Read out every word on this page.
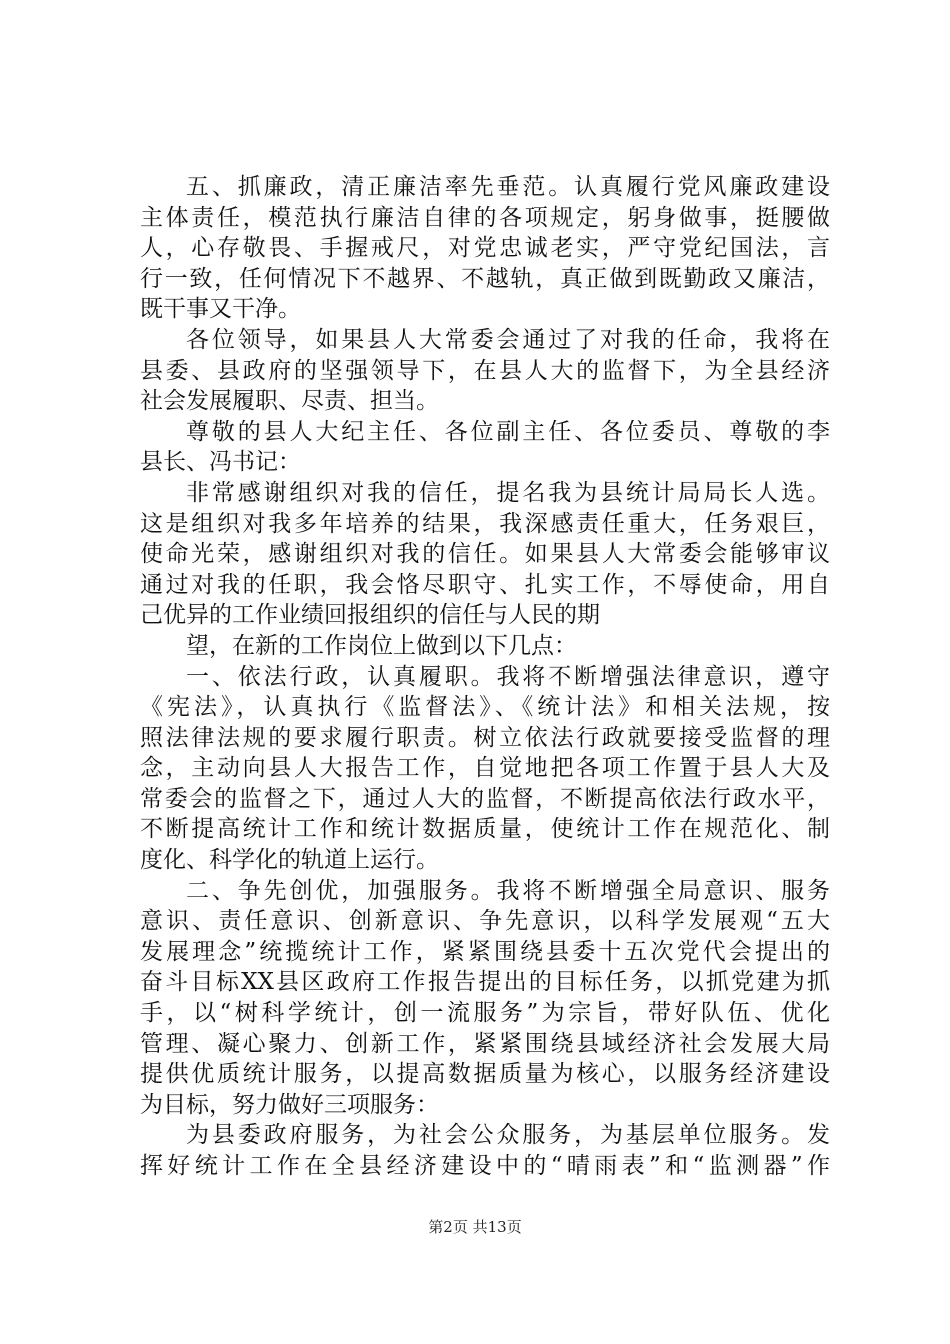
五、抓廉政，清正廉洁率先垂范。认真履行党风廉政建设
主体责任，模范执行廉洁自律的各项规定，躬身做事，挺腰做
人，心存敬畏、手握戒尺，对党忠诚老实，严守党纪国法，言
行一致，任何情况下不越界、不越轨，真正做到既勤政又廉洁，
既干事又干净。
各位领导，如果县人大常委会通过了对我的任命，我将在
县委、县政府的坚强领导下，在县人大的监督下，为全县经济
社会发展履职、尽责、担当。
尊敬的县人大纪主任、各位副主任、各位委员、尊敬的李
县长、冯书记：
非常感谢组织对我的信任，提名我为县统计局局长人选。
这是组织对我多年培养的结果，我深感责任重大，任务艰巨，
使命光荣，感谢组织对我的信任。如果县人大常委会能够审议
通过对我的任职，我会恪尽职守、扎实工作，不辱使命，用自
己优异的工作业绩回报组织的信任与人民的期
望，在新的工作岗位上做到以下几点：
一、依法行政，认真履职。我将不断增强法律意识，遵守
《宪法》，认真执行《监督法》、《统计法》和相关法规，按
照法律法规的要求履行职责。树立依法行政就要接受监督的理
念，主动向县人大报告工作，自觉地把各项工作置于县人大及
常委会的监督之下，通过人大的监督，不断提高依法行政水平，
不断提高统计工作和统计数据质量，使统计工作在规范化、制
度化、科学化的轨道上运行。
二、争先创优，加强服务。我将不断增强全局意识、服务
意识、责任意识、创新意识、争先意识，以科学发展观“五大
发展理念”统揽统计工作，紧紧围绕县委十五次党代会提出的
奋斗目标XX县区政府工作报告提出的目标任务，以抓党建为抓
手，以“树科学统计，创一流服务”为宗旨，带好队伍、优化
管理、凝心聚力、创新工作，紧紧围绕县域经济社会发展大局
提供优质统计服务，以提高数据质量为核心，以服务经济建设
为目标，努力做好三项服务：
为县委政府服务，为社会公众服务，为基层单位服务。发
挥好统计工作在全县经济建设中的“晴雨表”和“监测器”作
第2页 共13页
